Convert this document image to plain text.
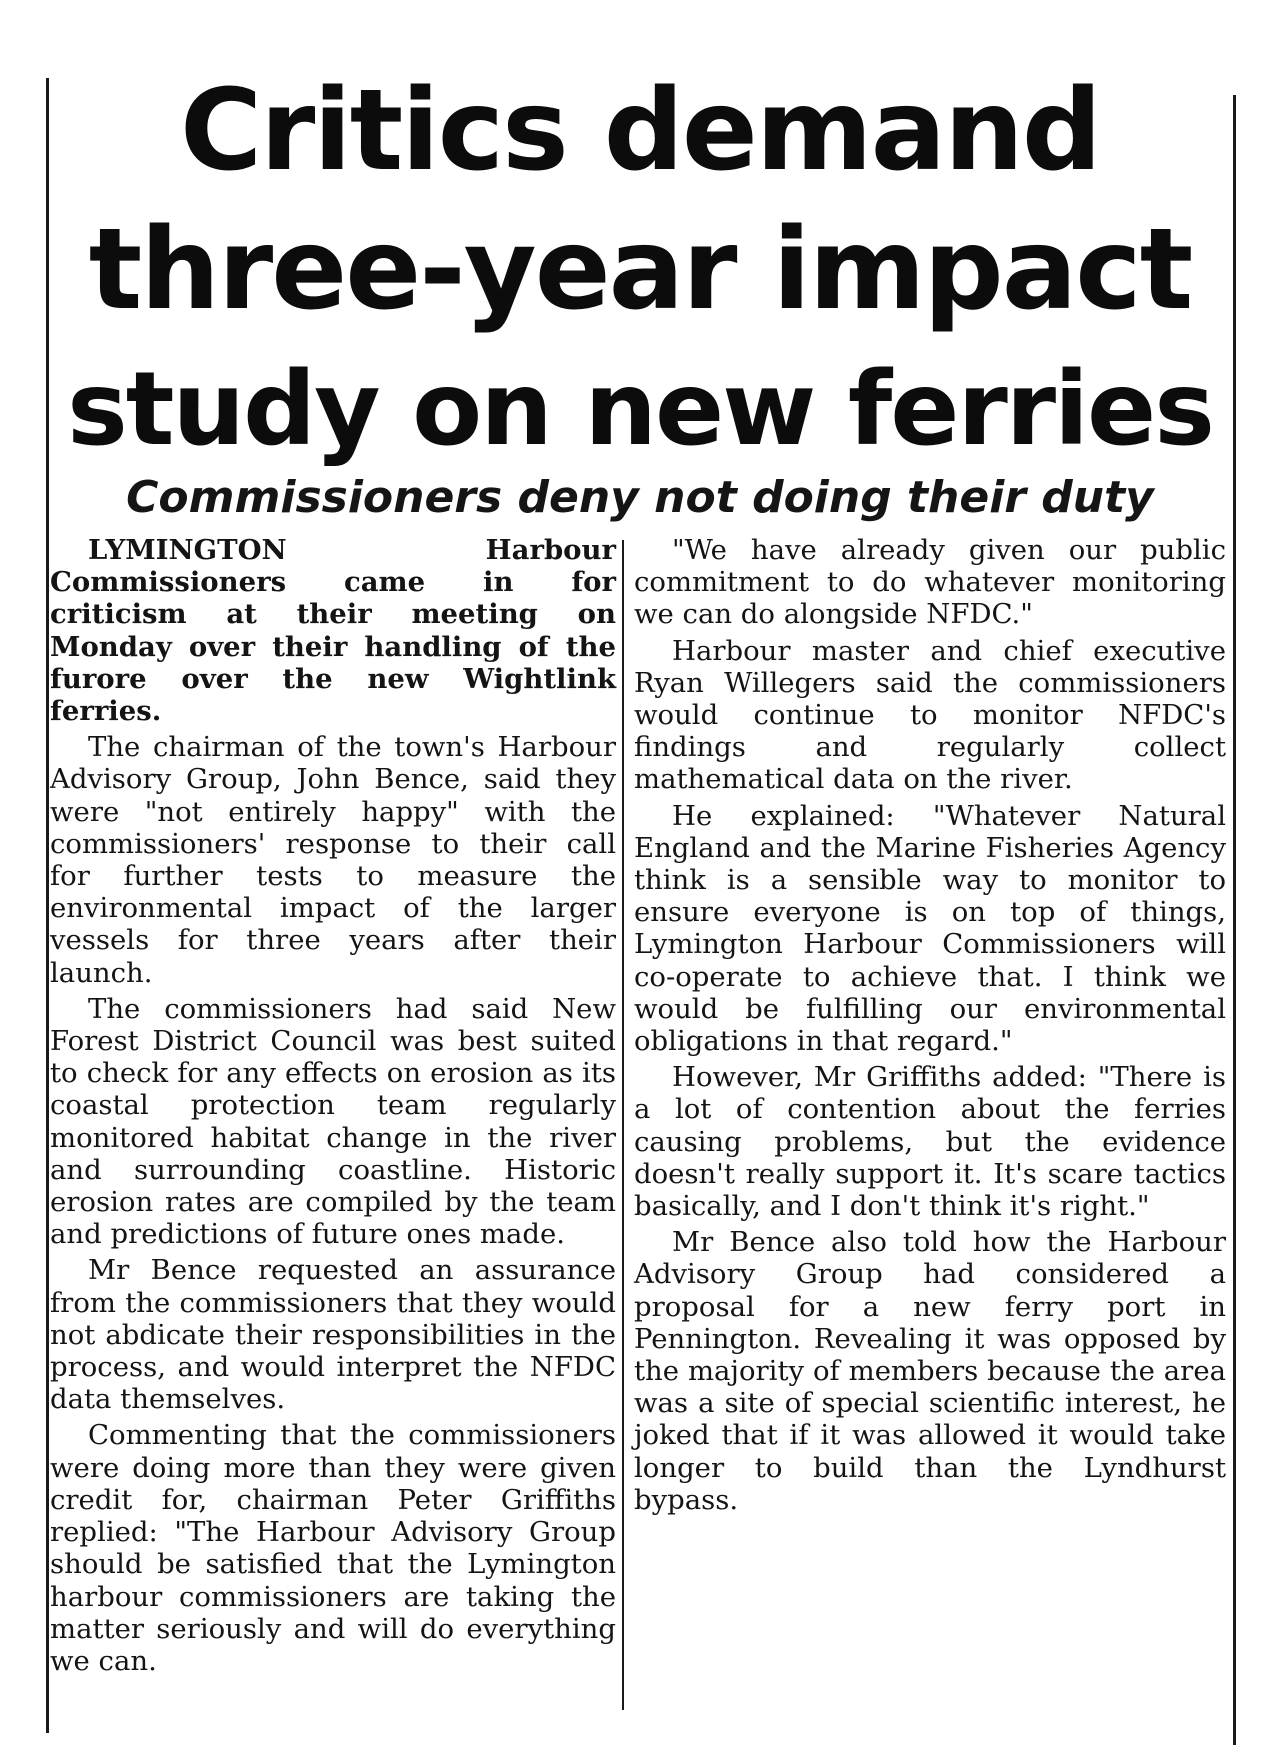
Critics demand
three-year impact
study on new ferries
Commissioners deny not doing their duty

LYMINGTON Harbour Commissioners came in for criticism at their meeting on Monday over their handling of the furore over the new Wightlink ferries.

The chairman of the town's Harbour Advisory Group, John Bence, said they were "not entirely happy" with the commissioners' response to their call for further tests to measure the environmental impact of the larger vessels for three years after their launch.

The commissioners had said New Forest District Council was best suited to check for any effects on erosion as its coastal protection team regularly monitored habitat change in the river and surrounding coastline. Historic erosion rates are compiled by the team and predictions of future ones made.

Mr Bence requested an assurance from the commissioners that they would not abdicate their responsibilities in the process, and would interpret the NFDC data themselves.

Commenting that the commissioners were doing more than they were given credit for, chairman Peter Griffiths replied: "The Harbour Advisory Group should be satisfied that the Lymington harbour commissioners are taking the matter seriously and will do everything we can.

"We have already given our public commitment to do whatever monitoring we can do alongside NFDC."

Harbour master and chief executive Ryan Willegers said the commissioners would continue to monitor NFDC's findings and regularly collect mathematical data on the river.

He explained: "Whatever Natural England and the Marine Fisheries Agency think is a sensible way to monitor to ensure everyone is on top of things, Lymington Harbour Commissioners will co-operate to achieve that. I think we would be fulfilling our environmental obligations in that regard."

However, Mr Griffiths added: "There is a lot of contention about the ferries causing problems, but the evidence doesn't really support it. It's scare tactics basically, and I don't think it's right."

Mr Bence also told how the Harbour Advisory Group had considered a proposal for a new ferry port in Pennington. Revealing it was opposed by the majority of members because the area was a site of special scientific interest, he joked that if it was allowed it would take longer to build than the Lyndhurst bypass.
